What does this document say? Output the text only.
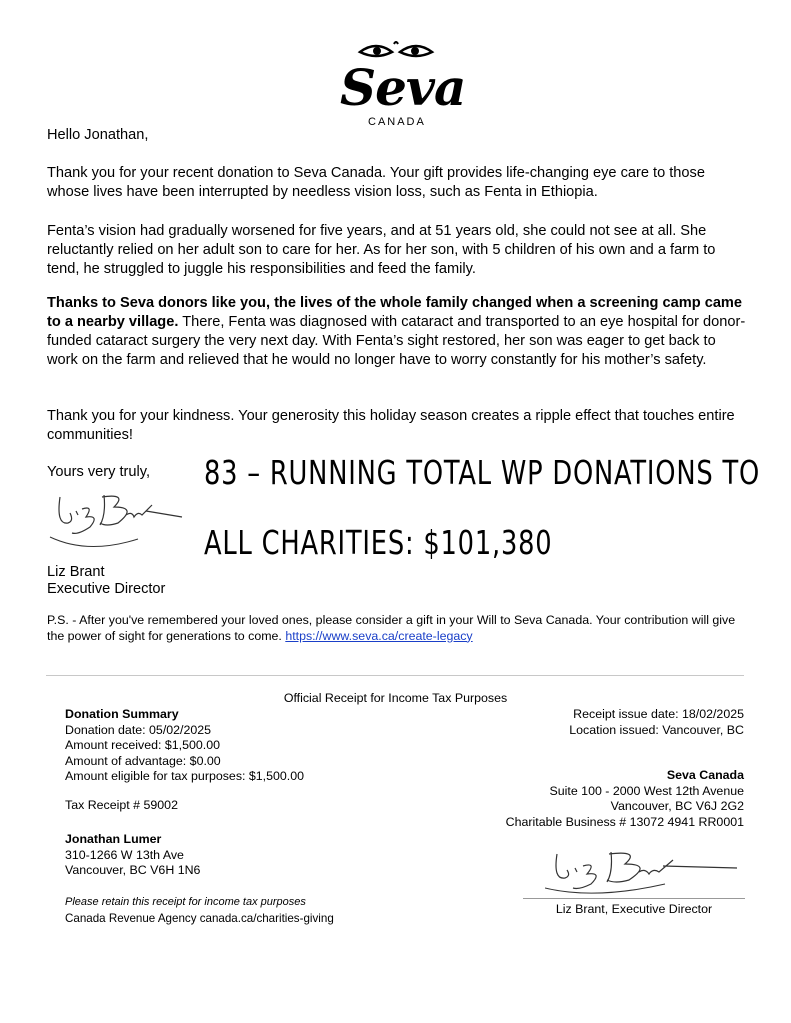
Seva
CANADA
Hello Jonathan,
Thank you for your recent donation to Seva Canada. Your gift provides life-changing eye care to those whose lives have been interrupted by needless vision loss, such as Fenta in Ethiopia.
Fenta’s vision had gradually worsened for five years, and at 51 years old, she could not see at all. She reluctantly relied on her adult son to care for her. As for her son, with 5 children of his own and a farm to tend, he struggled to juggle his responsibilities and feed the family.
Thanks to Seva donors like you, the lives of the whole family changed when a screening camp came to a nearby village. There, Fenta was diagnosed with cataract and transported to an eye hospital for donor-funded cataract surgery the very next day. With Fenta’s sight restored, her son was eager to get back to work on the farm and relieved that he would no longer have to worry constantly for his mother’s safety.
Thank you for your kindness. Your generosity this holiday season creates a ripple effect that touches entire communities!
Yours very truly,
Liz Brant
Executive Director
83 – RUNNING TOTAL WP DONATIONS TO
ALL CHARITIES: $101,380
P.S. - After you've remembered your loved ones, please consider a gift in your Will to Seva Canada. Your contribution will give the power of sight for generations to come. https://www.seva.ca/create-legacy
Official Receipt for Income Tax Purposes
Donation Summary
Donation date: 05/02/2025
Amount received: $1,500.00
Amount of advantage: $0.00
Amount eligible for tax purposes: $1,500.00
Tax Receipt # 59002
Jonathan Lumer
310-1266 W 13th Ave
Vancouver, BC V6H 1N6
Please retain this receipt for income tax purposes
Canada Revenue Agency canada.ca/charities-giving
Receipt issue date: 18/02/2025
Location issued: Vancouver, BC
Seva Canada
Suite 100 - 2000 West 12th Avenue
Vancouver, BC V6J 2G2
Charitable Business # 13072 4941 RR0001
Liz Brant, Executive Director
